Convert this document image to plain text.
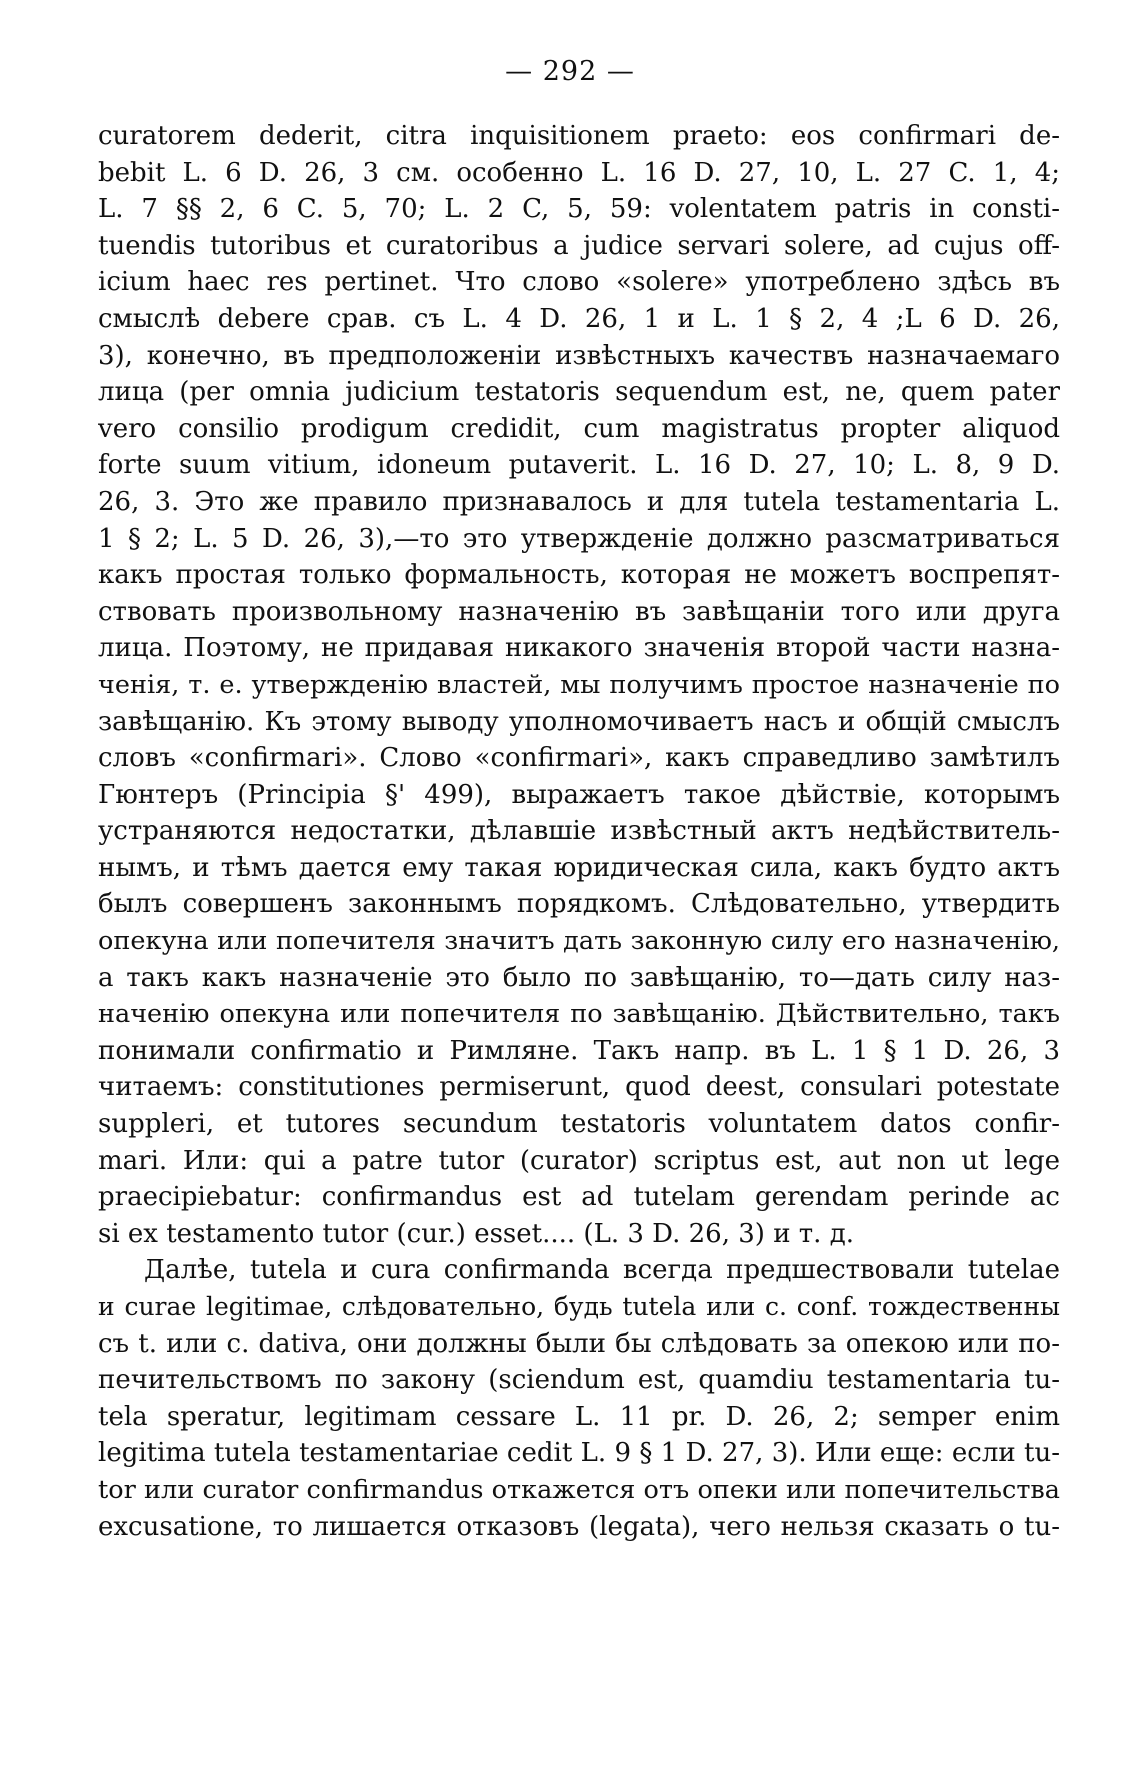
— 292 —
curatorem dederit, citra inquisitionem praeto: eos confirmari de-
bebit L. 6 D. 26, 3 см. особенно L. 16 D. 27, 10, L. 27 C. 1, 4;
L. 7 §§ 2, 6 C. 5, 70; L. 2 C, 5, 59: volentatem patris in consti-
tuendis tutoribus et curatoribus a judice servari solere, ad cujus off-
icium haec res pertinet. Что слово «solere» употреблено здѣсь въ
смыслѣ debere срав. съ L. 4 D. 26, 1 и L. 1 § 2, 4 ;L 6 D. 26,
3), конечно, въ предположеніи извѣстныхъ качествъ назначаемаго
лица (per omnia judicium testatoris sequendum est, ne, quem pater
vero consilio prodigum credidit, cum magistratus propter aliquod
forte suum vitium, idoneum putaverit. L. 16 D. 27, 10; L. 8, 9 D.
26, 3. Это же правило признавалось и для tutela testamentaria L.
1 § 2; L. 5 D. 26, 3),—то это утвержденіе должно разсматриваться
какъ простая только формальность, которая не можетъ воспрепят-
ствовать произвольному назначенію въ завѣщаніи того или друга
лица. Поэтому, не придавая никакого значенія второй части назна-
ченія, т. е. утвержденію властей, мы получимъ простое назначеніе по
завѣщанію. Къ этому выводу уполномочиваетъ насъ и общій смыслъ
словъ «confirmari». Слово «confirmari», какъ справедливо замѣтилъ
Гюнтеръ (Principia §' 499), выражаетъ такое дѣйствіе, которымъ
устраняются недостатки, дѣлавшіе извѣстный актъ недѣйствитель-
нымъ, и тѣмъ дается ему такая юридическая сила, какъ будто актъ
былъ совершенъ законнымъ порядкомъ. Слѣдовательно, утвердить
опекуна или попечителя значитъ дать законную силу его назначенію,
а такъ какъ назначеніе это было по завѣщанію, то—дать силу наз-
наченію опекуна или попечителя по завѣщанію. Дѣйствительно, такъ
понимали confirmatio и Римляне. Такъ напр. въ L. 1 § 1 D. 26, 3
читаемъ: constitutiones permiserunt, quod deest, consulari potestate
suppleri, et tutores secundum testatoris voluntatem datos confir-
mari. Или: qui a patre tutor (curator) scriptus est, aut non ut lege
praecipiebatur: confirmandus est ad tutelam gerendam perinde ac
si ex testamento tutor (cur.) esset.... (L. 3 D. 26, 3) и т. д.
Далѣе, tutela и cura confirmanda всегда предшествовали tutelae
и curae legitimae, слѣдовательно, будь tutela или c. conf. тождественны
съ t. или c. dativa, они должны были бы слѣдовать за опекою или по-
печительствомъ по закону (sciendum est, quamdiu testamentaria tu-
tela speratur, legitimam cessare L. 11 pr. D. 26, 2; semper enim
legitima tutela testamentariae cedit L. 9 § 1 D. 27, 3). Или еще: если tu-
tor или curator confirmandus откажется отъ опеки или попечительства
excusatione, то лишается отказовъ (legata), чего нельзя сказать о tu-
